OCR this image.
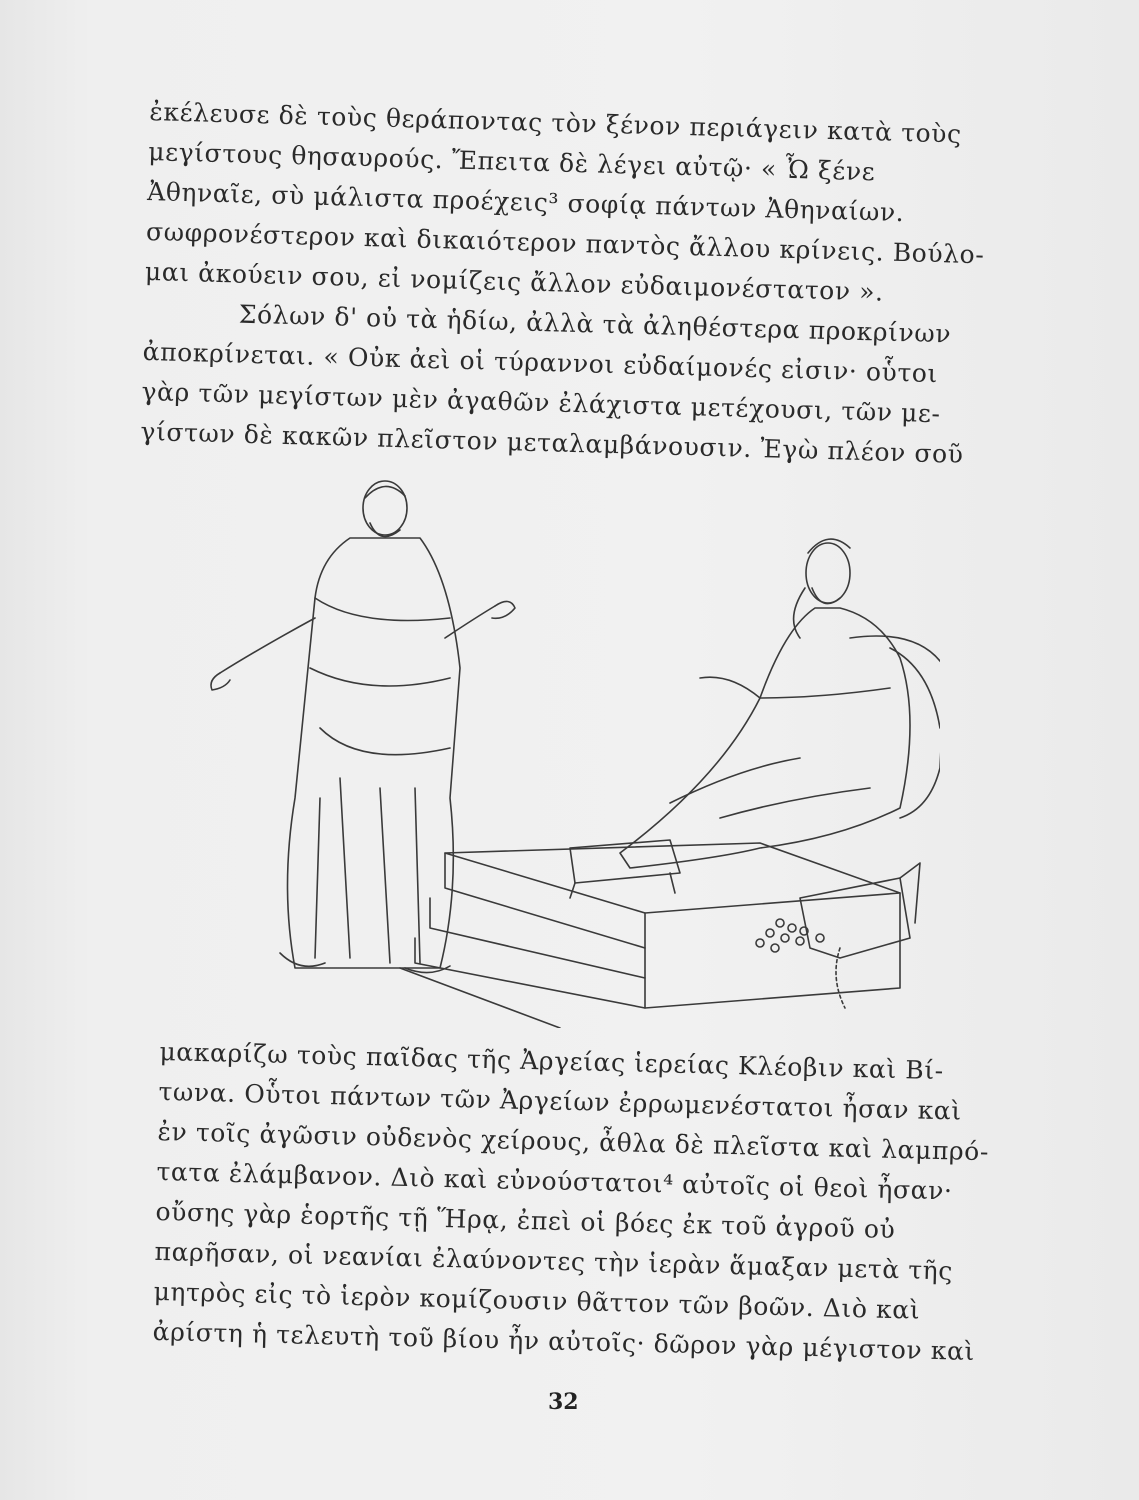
ἐκέλευσε δὲ τοὺς θεράποντας τὸν ξένον περιάγειν κατὰ τοὺς
μεγίστους θησαυρούς. Ἔπειτα δὲ λέγει αὐτῷ· « Ὦ ξένε
Ἀθηναῖε, σὺ μάλιστα προέχεις³ σοφίᾳ πάντων Ἀθηναίων.
σωφρονέστερον καὶ δικαιότερον παντὸς ἄλλου κρίνεις. Βούλο-
μαι ἀκούειν σου, εἰ νομίζεις ἄλλον εὐδαιμονέστατον ».
Σόλων δ' οὐ τὰ ἡδίω, ἀλλὰ τὰ ἀληθέστερα προκρίνων
ἀποκρίνεται. « Οὐκ ἀεὶ οἱ τύραννοι εὐδαίμονές εἰσιν· οὗτοι
γὰρ τῶν μεγίστων μὲν ἀγαθῶν ἐλάχιστα μετέχουσι, τῶν με-
γίστων δὲ κακῶν πλεῖστον μεταλαμβάνουσιν. Ἐγὼ πλέον σοῦ
μακαρίζω τοὺς παῖδας τῆς Ἀργείας ἱερείας Κλέοβιν καὶ Βί-
τωνα. Οὗτοι πάντων τῶν Ἀργείων ἐρρωμενέστατοι ἦσαν καὶ
ἐν τοῖς ἀγῶσιν οὐδενὸς χείρους, ἆθλα δὲ πλεῖστα καὶ λαμπρό-
τατα ἐλάμβανον. Διὸ καὶ εὐνούστατοι⁴ αὐτοῖς οἱ θεοὶ ἦσαν·
οὔσης γὰρ ἑορτῆς τῇ Ἥρᾳ, ἐπεὶ οἱ βόες ἐκ τοῦ ἀγροῦ οὐ
παρῆσαν, οἱ νεανίαι ἐλαύνοντες τὴν ἱερὰν ἅμαξαν μετὰ τῆς
μητρὸς εἰς τὸ ἱερὸν κομίζουσιν θᾶττον τῶν βοῶν. Διὸ καὶ
ἀρίστη ἡ τελευτὴ τοῦ βίου ἦν αὐτοῖς· δῶρον γὰρ μέγιστον καὶ
32
